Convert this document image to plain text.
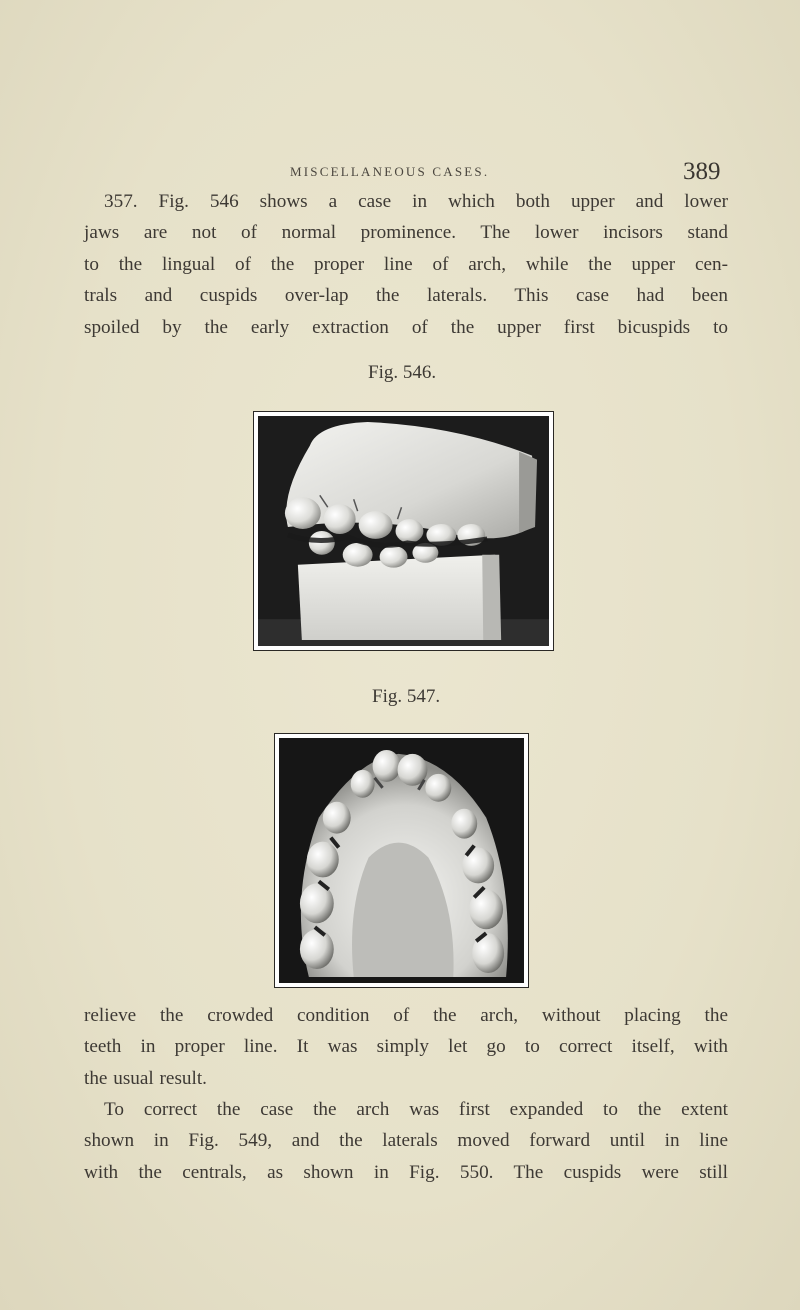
MISCELLANEOUS CASES.	389

357. Fig. 546 shows a case in which both upper and lower
jaws are not of normal prominence. The lower incisors stand
to the lingual of the proper line of arch, while the upper cen-
trals and cuspids over-lap the laterals. This case had been
spoiled by the early extraction of the upper first bicuspids to

Fig. 546.
Fig. 547.

relieve the crowded condition of the arch, without placing the
teeth in proper line. It was simply let go to correct itself, with
the usual result.

To correct the case the arch was first expanded to the extent
shown in Fig. 549, and the laterals moved forward until in line
with the centrals, as shown in Fig. 550. The cuspids were still
